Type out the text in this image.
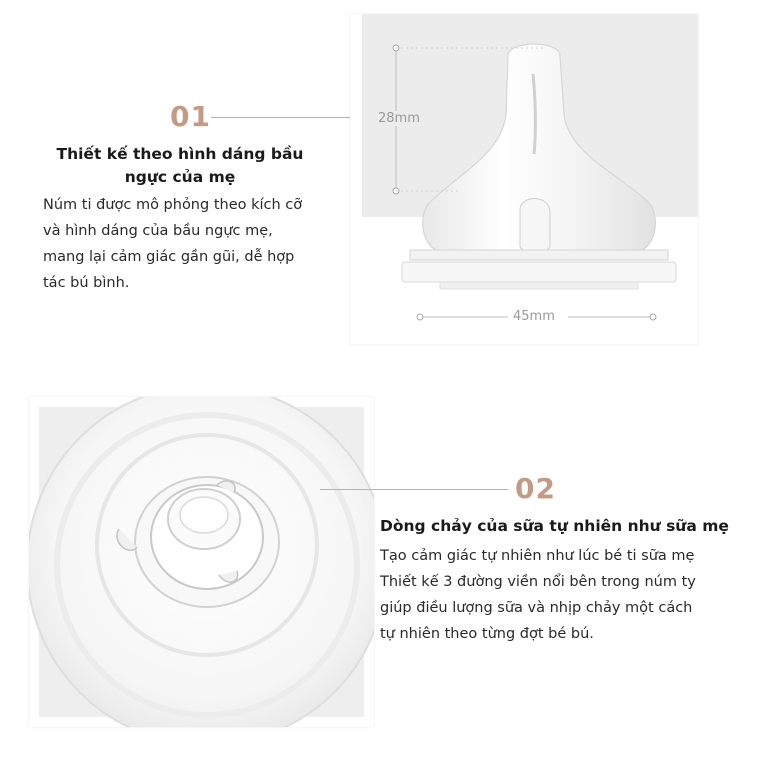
01
Thiết kế theo hình dáng bầu
ngực của mẹ
Núm ti được mô phỏng theo kích cỡ
và hình dáng của bầu ngực mẹ,
mang lại cảm giác gần gũi, dễ hợp
tác bú bình.
28mm
45mm
02
Dòng chảy của sữa tự nhiên như sữa mẹ
Tạo cảm giác tự nhiên như lúc bé ti sữa mẹ
Thiết kế 3 đường viền nổi bên trong núm ty
giúp điều lượng sữa và nhịp chảy một cách
tự nhiên theo từng đợt bé bú.
